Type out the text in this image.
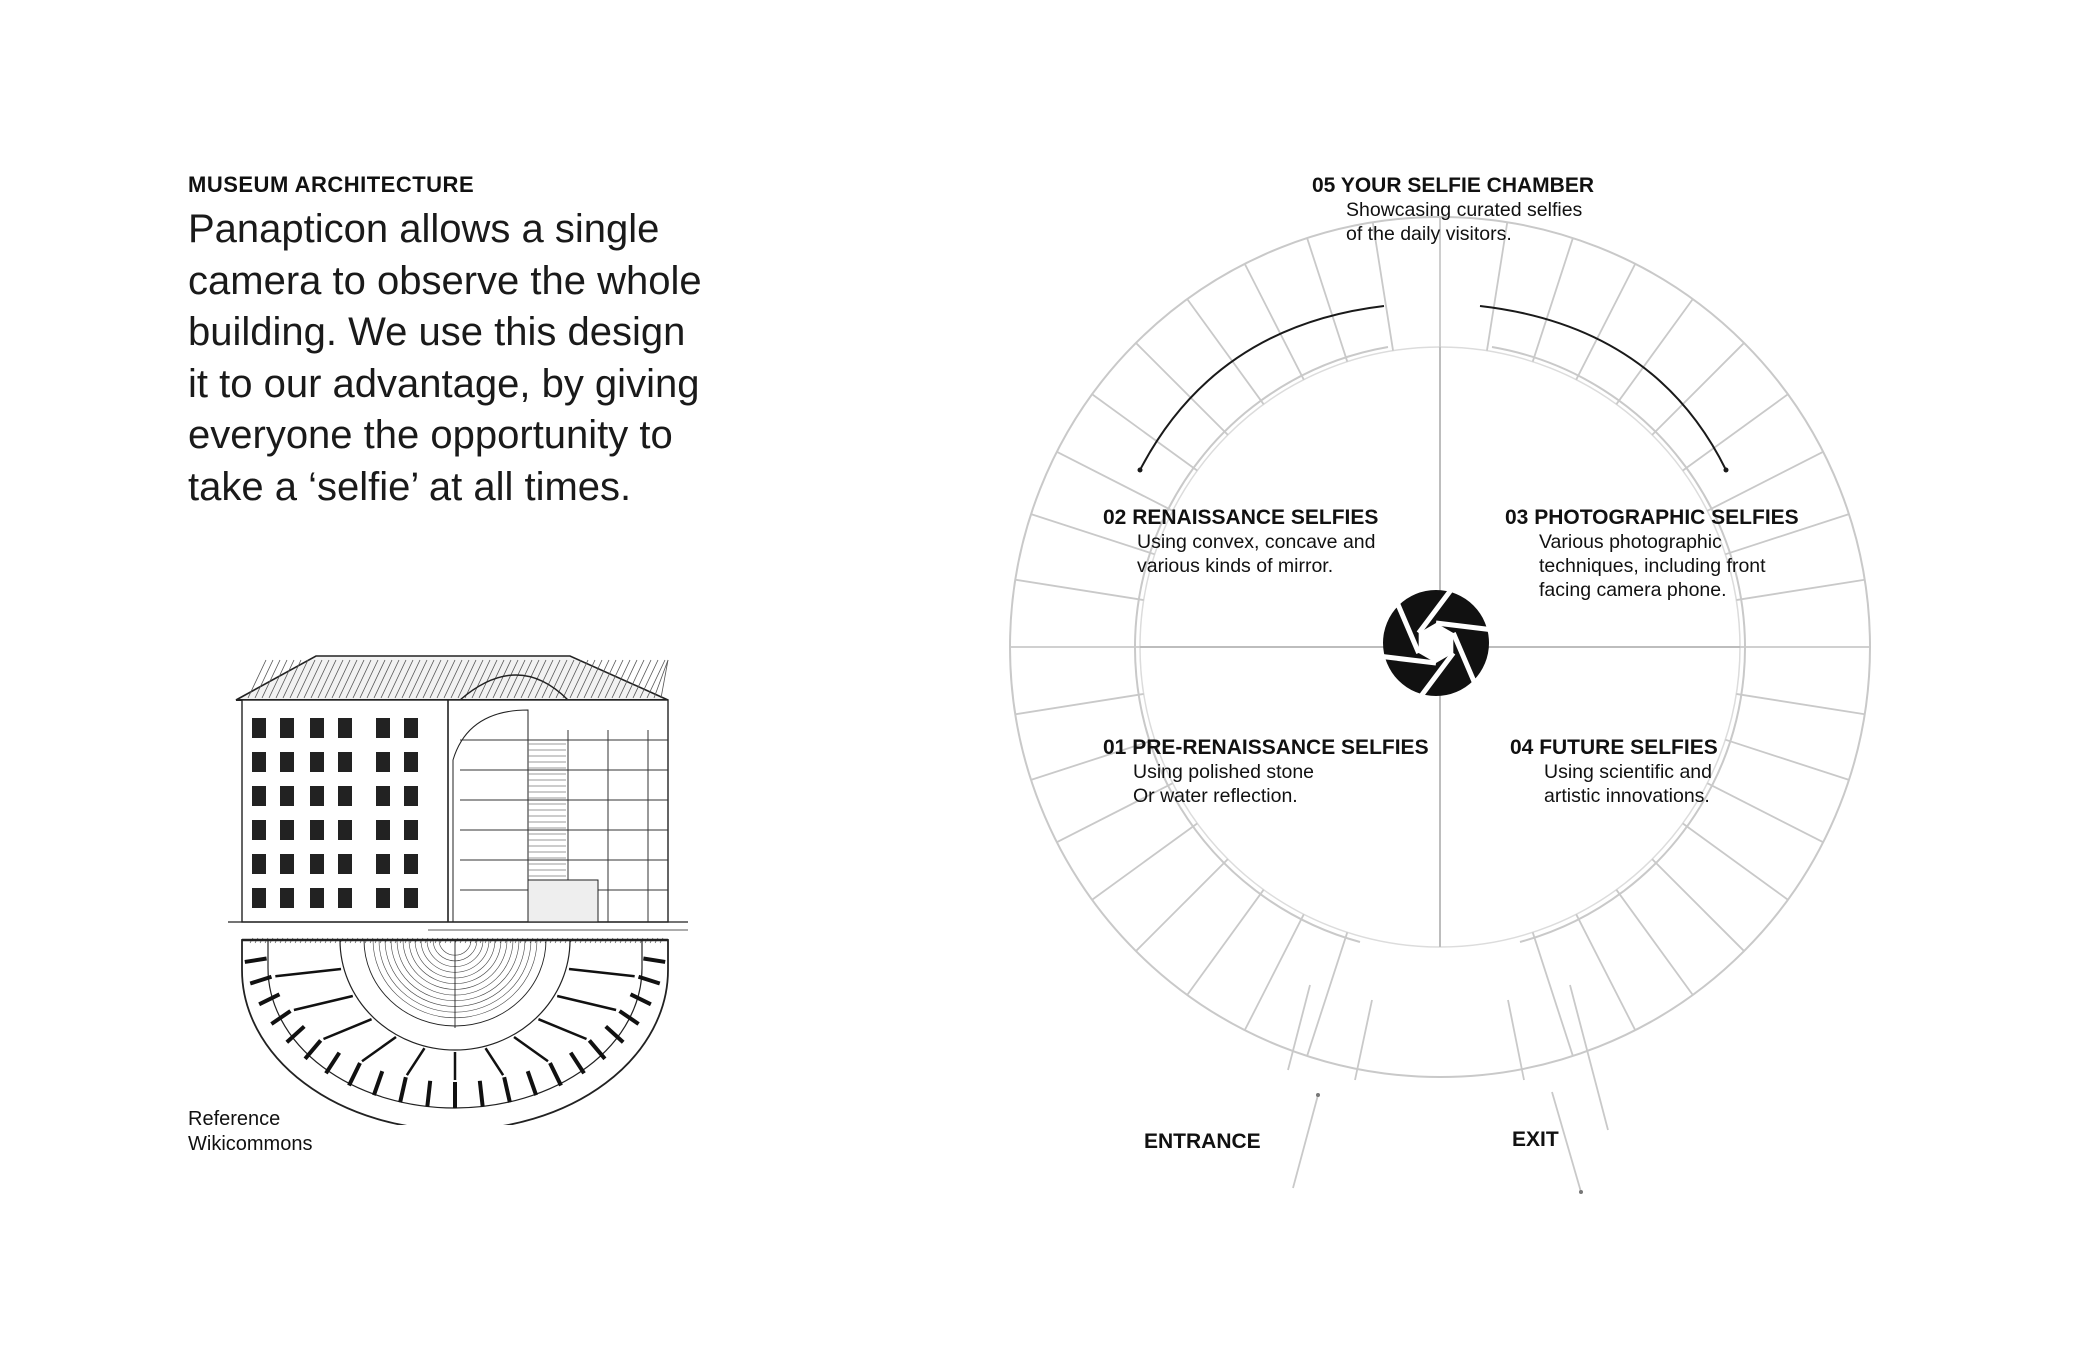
MUSEUM ARCHITECTURE

Panapticon allows a single
camera to observe the whole
building. We use this design
it to our advantage, by giving
everyone the opportunity to
take a ‘selfie’ at all times.

Reference
Wikicommons

05 YOUR SELFIE CHAMBER
Showcasing curated selfies
of the daily visitors.
02 RENAISSANCE SELFIES
Using convex, concave and
various kinds of mirror.
03 PHOTOGRAPHIC SELFIES
Various photographic
techniques, including front
facing camera phone.
01 PRE-RENAISSANCE SELFIES
Using polished stone
Or water reflection.
04 FUTURE SELFIES
Using scientific and
artistic innovations.
ENTRANCE	EXIT
